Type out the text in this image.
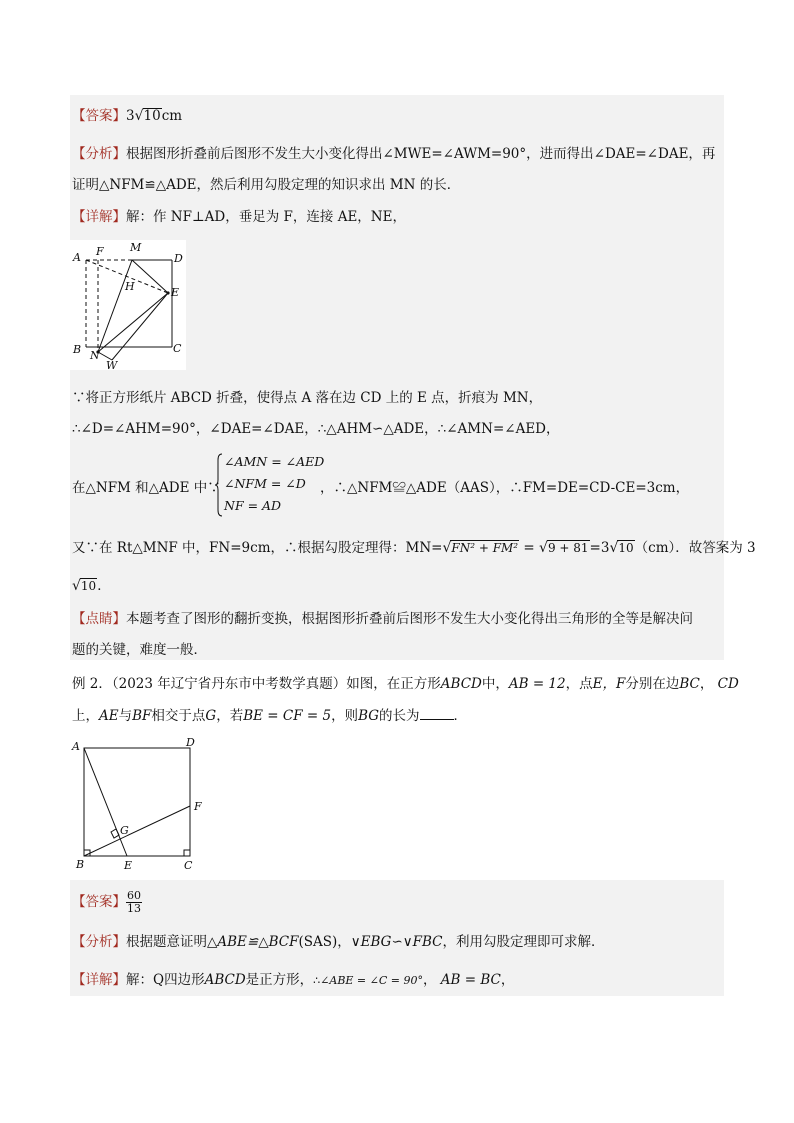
【答案】3√10cm
【分析】根据图形折叠前后图形不发生大小变化得出∠MWE=∠AWM=90°，进而得出∠DAE=∠DAE，再
证明△NFM≌△ADE，然后利用勾股定理的知识求出 MN 的长．
【详解】解：作 NF⊥AD，垂足为 F，连接 AE，NE，
A F M
D
H	E
B N
W
C
∵将正方形纸片 ABCD 折叠，使得点 A 落在边 CD 上的 E 点，折痕为 MN，
∴∠D=∠AHM=90°，∠DAE=∠DAE，∴△AHM∽△ADE，∴∠AMN=∠AED，
在△NFM 和△ADE 中∵
∠AMN = ∠AED
∠NFM = ∠D
NF = AD
，∴△NFM≌△ADE（AAS），∴FM=DE=CD-CE=3cm，
又∵在 Rt△MNF 中，FN=9cm，∴根据勾股定理得：MN=√FN² + FM² = √9 + 81=3√10（cm）．故答案为 3
√10．
【点睛】本题考查了图形的翻折变换，根据图形折叠前后图形不发生大小变化得出三角形的全等是解决问
题的关键，难度一般．
例 2．（2023 年辽宁省丹东市中考数学真题）如图，在正方形ABCD中，AB = 12，点E，F分别在边BC， CD
上，AE与BF相交于点G，若BE = CF = 5，则BG的长为	．
A	D
F
G
B	E	C
【答案】 $\frac{60}{13}$
【分析】根据题意证明△ABE≌△BCF(SAS)，∨EBG∽∨FBC，利用勾股定理即可求解．
【详解】解：Q四边形ABCD是正方形，∴∠ABE = ∠C = 90°， AB = BC，
